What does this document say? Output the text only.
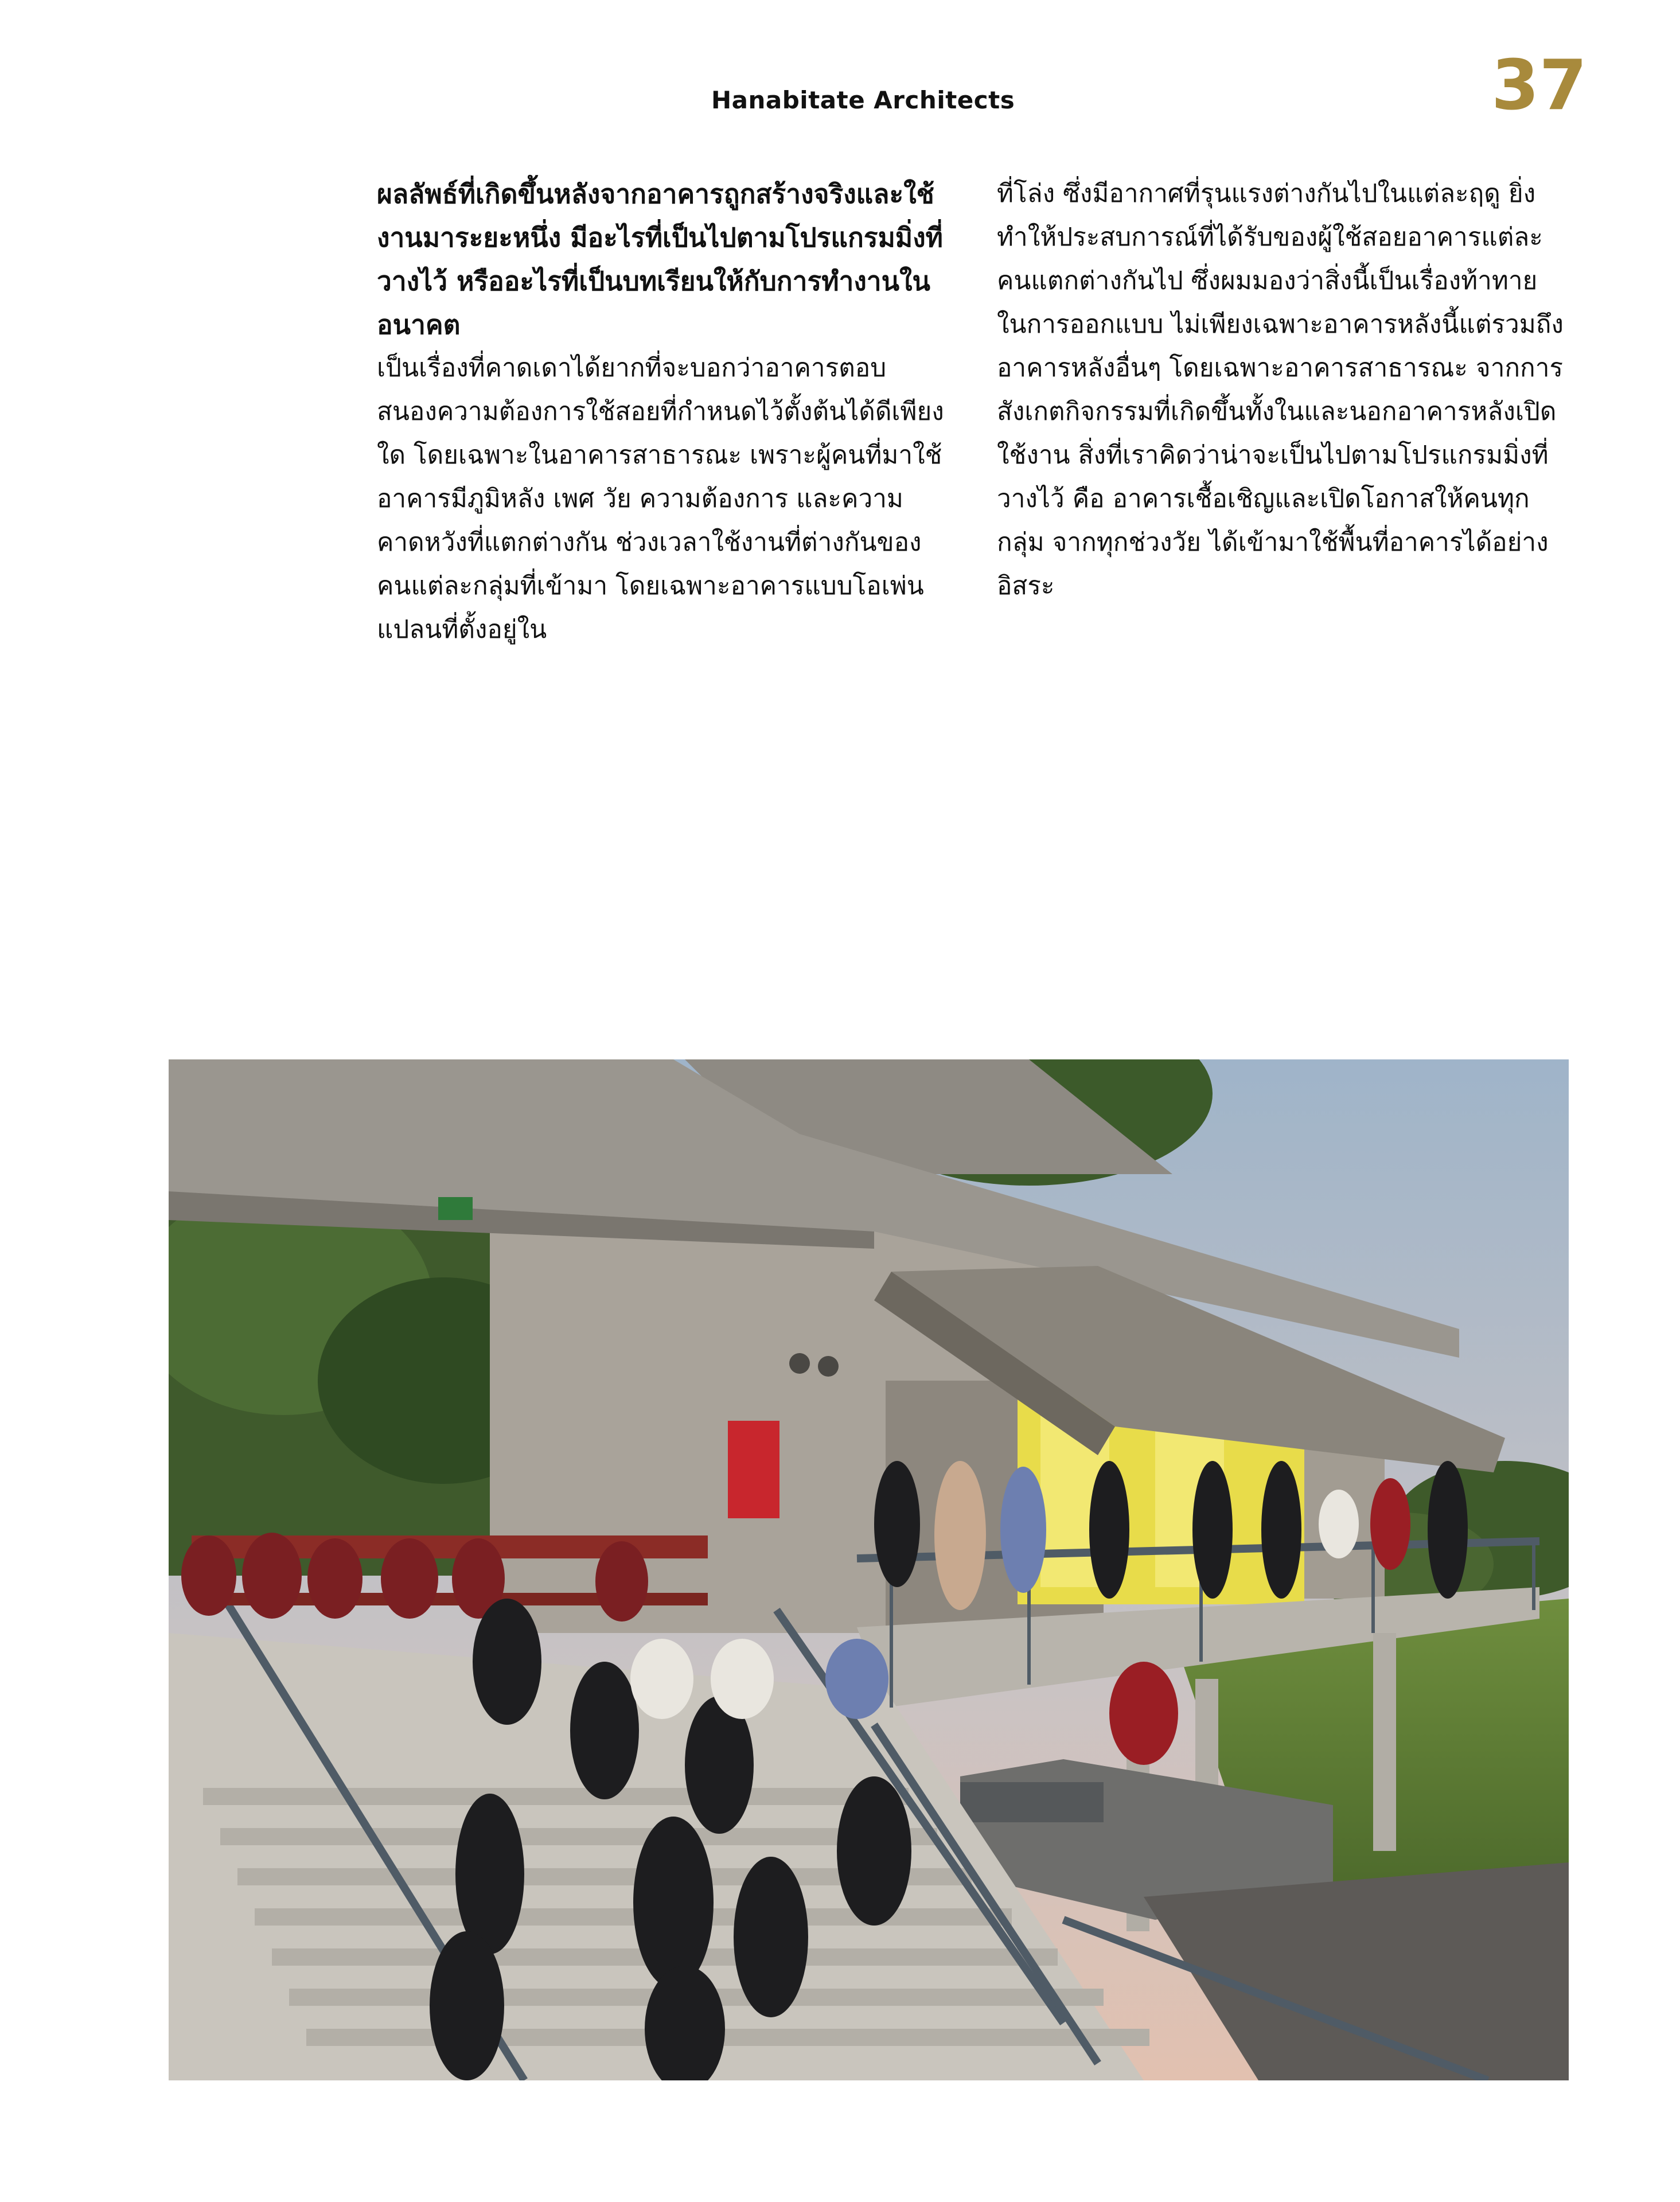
Hanabitate Architects	37

ผลลัพธ์ที่เกิดขึ้นหลังจากอาคารถูกสร้างจริงและใช้งานมาระยะหนึ่ง มีอะไรที่เป็นไปตามโปรแกรมมิ่งที่วางไว้ หรืออะไรที่เป็นบทเรียนให้กับการทำงานในอนาคต

เป็นเรื่องที่คาดเดาได้ยากที่จะบอกว่าอาคารตอบสนองความต้องการใช้สอยที่กำหนดไว้ตั้งต้นได้ดีเพียงใด โดยเฉพาะในอาคารสาธารณะ เพราะผู้คนที่มาใช้อาคารมีภูมิหลัง เพศ วัย ความต้องการ และความคาดหวังที่แตกต่างกัน ช่วงเวลาใช้งานที่ต่างกันของคนแต่ละกลุ่มที่เข้ามา โดยเฉพาะอาคารแบบโอเพ่นแปลนที่ตั้งอยู่ใน

ที่โล่ง ซึ่งมีอากาศที่รุนแรงต่างกันไปในแต่ละฤดู ยิ่งทำให้ประสบการณ์ที่ได้รับของผู้ใช้สอยอาคารแต่ละคนแตกต่างกันไป ซึ่งผมมองว่าสิ่งนี้เป็นเรื่องท้าทายในการออกแบบ ไม่เพียงเฉพาะอาคารหลังนี้แต่รวมถึงอาคารหลังอื่นๆ โดยเฉพาะอาคารสาธารณะ จากการสังเกตกิจกรรมที่เกิดขึ้นทั้งในและนอกอาคารหลังเปิดใช้งาน สิ่งที่เราคิดว่าน่าจะเป็นไปตามโปรแกรมมิ่งที่วางไว้ คือ อาคารเชื้อเชิญและเปิดโอกาสให้คนทุกกลุ่ม จากทุกช่วงวัย ได้เข้ามาใช้พื้นที่อาคารได้อย่างอิสระ
